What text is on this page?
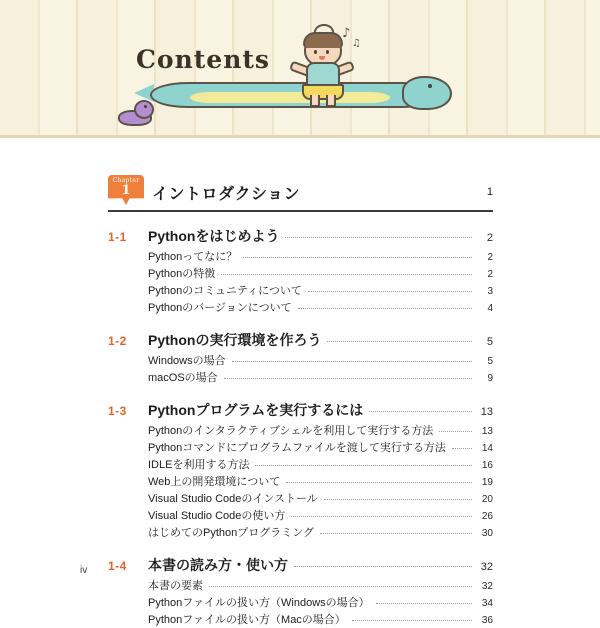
Contents
♪
♫
Chapter
1	イントロダクション	1
1-1	Pythonをはじめよう	2
Pythonってなに？	2
Pythonの特徴	2
Pythonのコミュニティについて	3
Pythonのバージョンについて	4
1-2	Pythonの実行環境を作ろう	5
Windowsの場合	5
macOSの場合	9
1-3	Pythonプログラムを実行するには	13
Pythonのインタラクティブシェルを利用して実行する方法	13
Pythonコマンドにプログラムファイルを渡して実行する方法	14
IDLEを利用する方法	16
Web上の開発環境について	19
Visual Studio Codeのインストール	20
Visual Studio Codeの使い方	26
はじめてのPythonプログラミング	30
1-4	本書の読み方・使い方	32
本書の要素	32
Pythonファイルの扱い方（Windowsの場合）	34
Pythonファイルの扱い方（Macの場合）	36
iv
